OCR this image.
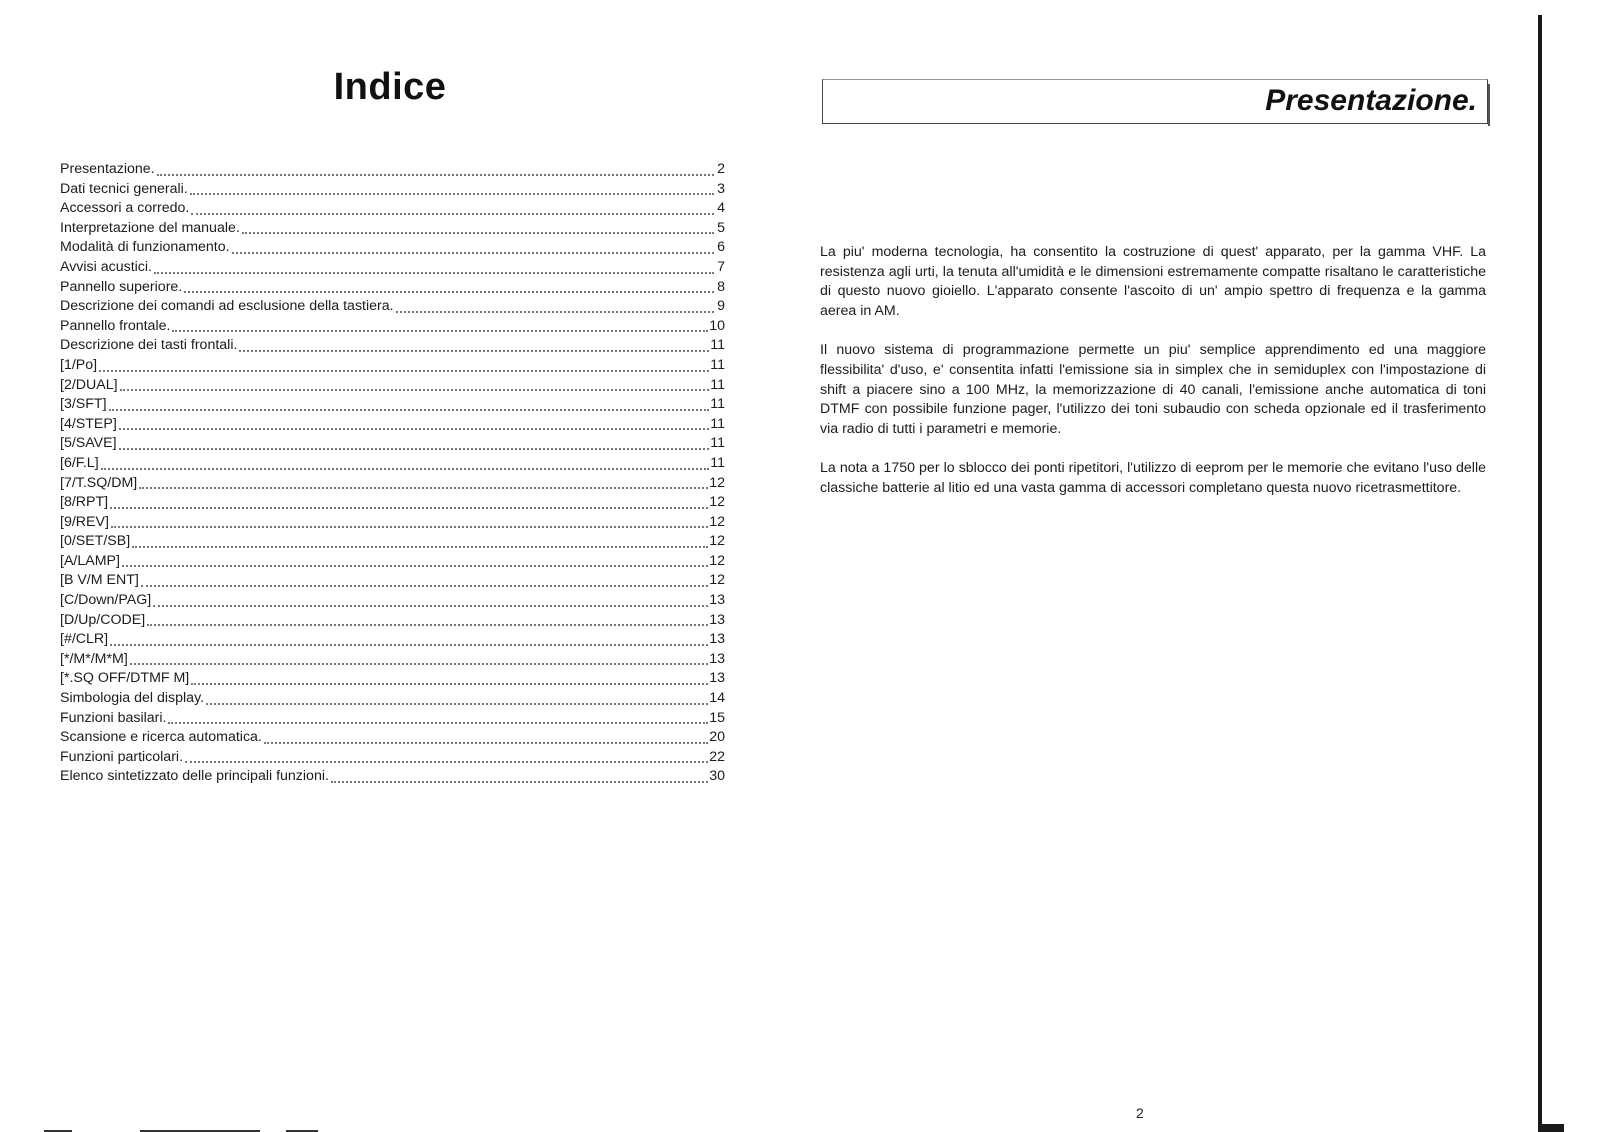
Indice
Presentazione.	2
Dati tecnici generali.	3
Accessori a corredo.	4
Interpretazione del manuale.	5
Modalità di funzionamento.	6
Avvisi acustici.	7
Pannello superiore.	8
Descrizione dei comandi ad esclusione della tastiera.	9
Pannello frontale.	10
Descrizione dei tasti frontali.	11
[1/Po]	11
[2/DUAL]	11
[3/SFT]	11
[4/STEP]	11
[5/SAVE]	11
[6/F.L]	11
[7/T.SQ/DM]	12
[8/RPT]	12
[9/REV]	12
[0/SET/SB]	12
[A/LAMP]	12
[B V/M ENT]	12
[C/Down/PAG]	13
[D/Up/CODE]	13
[#/CLR]	13
[*/M*/M*M]	13
[*.SQ OFF/DTMF M]	13
Simbologia del display.	14
Funzioni basilari.	15
Scansione e ricerca automatica.	20
Funzioni particolari.	22
Elenco sintetizzato delle principali funzioni.	30
Presentazione.

La piu' moderna tecnologia, ha consentito la costruzione di quest' apparato, per la gamma VHF. La resistenza agli urti, la tenuta all'umidità e le dimensioni estremamente compatte risaltano le caratteristiche di questo nuovo gioiello. L'apparato consente l'ascoito di un' ampio spettro di frequenza e la gamma aerea in AM.

Il nuovo sistema di programmazione permette un piu' semplice apprendimento ed una maggiore flessibilita' d'uso, e' consentita infatti l'emissione sia in simplex che in semiduplex con l'impostazione di shift a piacere sino a 100 MHz, la memorizzazione di 40 canali, l'emissione anche automatica di toni DTMF con possibile funzione pager, l'utilizzo dei toni subaudio con scheda opzionale ed il trasferimento via radio di tutti i parametri e memorie.

La nota a 1750 per lo sblocco dei ponti ripetitori, l'utilizzo di eeprom per le memorie che evitano l'uso delle classiche batterie al litio ed una vasta gamma di accessori completano questa nuovo ricetrasmettitore.

2
